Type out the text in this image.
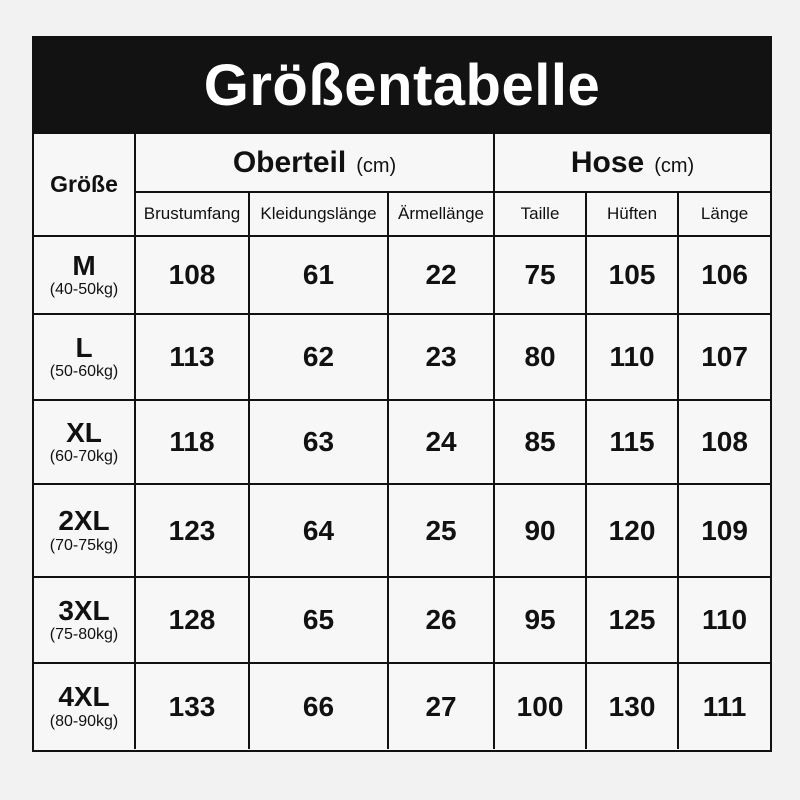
Größentabelle
Größe	Oberteil (cm)			Hose (cm)		
	Brustumfang	Kleidungslänge	Ärmellänge	Taille	Hüften	Länge

M
(40-50kg)	108	61	22	75	105	106

L
(50-60kg)	113	62	23	80	110	107

XL
(60-70kg)	118	63	24	85	115	108

2XL
(70-75kg)	123	64	25	90	120	109

3XL
(75-80kg)	128	65	26	95	125	110

4XL
(80-90kg)	133	66	27	100	130	111
